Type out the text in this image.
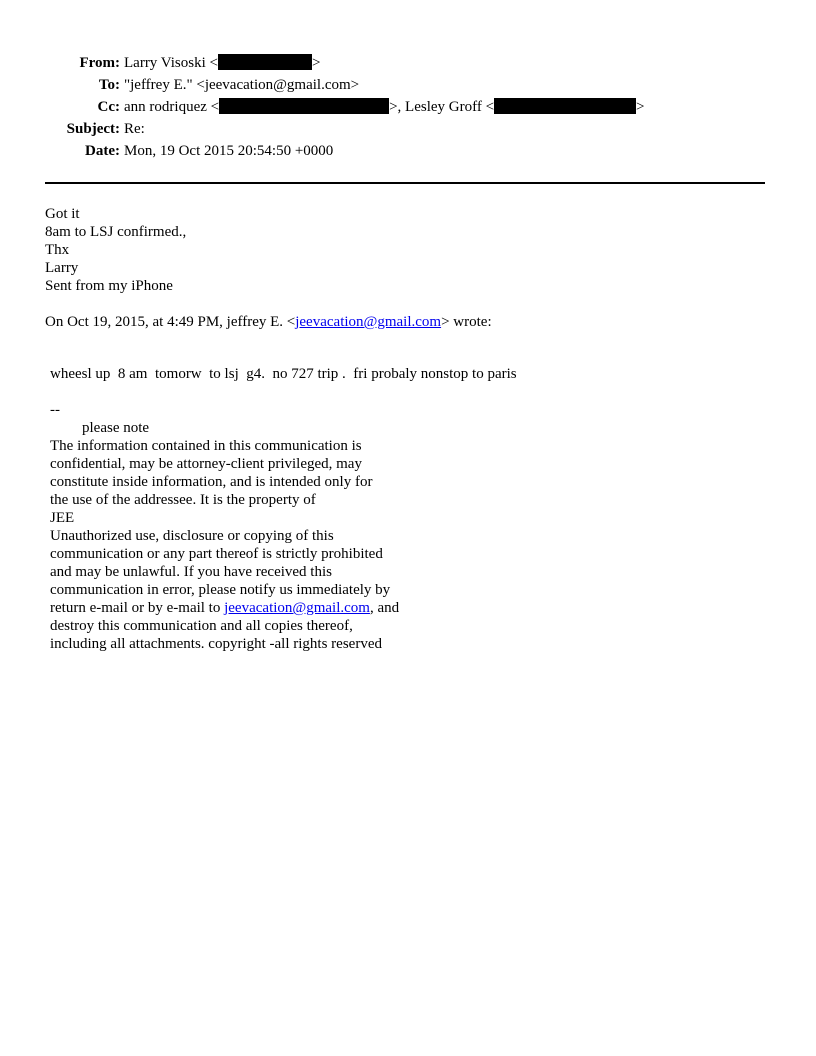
From: Larry Visoski <	>
To: "jeffrey E." <jeevacation@gmail.com>
Cc: ann rodriquez <	>, Lesley Groff <	>
Subject: Re:
Date: Mon, 19 Oct 2015 20:54:50 +0000
Got it
8am to LSJ confirmed.,
Thx
Larry
Sent from my iPhone
On Oct 19, 2015, at 4:49 PM, jeffrey E. <jeevacation@gmail.com> wrote:
wheesl up  8 am  tomorw  to lsj  g4.  no 727 trip .  fri probaly nonstop to paris
--
please note
The information contained in this communication is
confidential, may be attorney-client privileged, may
constitute inside information, and is intended only for
the use of the addressee. It is the property of
JEE
Unauthorized use, disclosure or copying of this
communication or any part thereof is strictly prohibited
and may be unlawful. If you have received this
communication in error, please notify us immediately by
return e-mail or by e-mail to jeevacation@gmail.com, and
destroy this communication and all copies thereof,
including all attachments. copyright -all rights reserved
